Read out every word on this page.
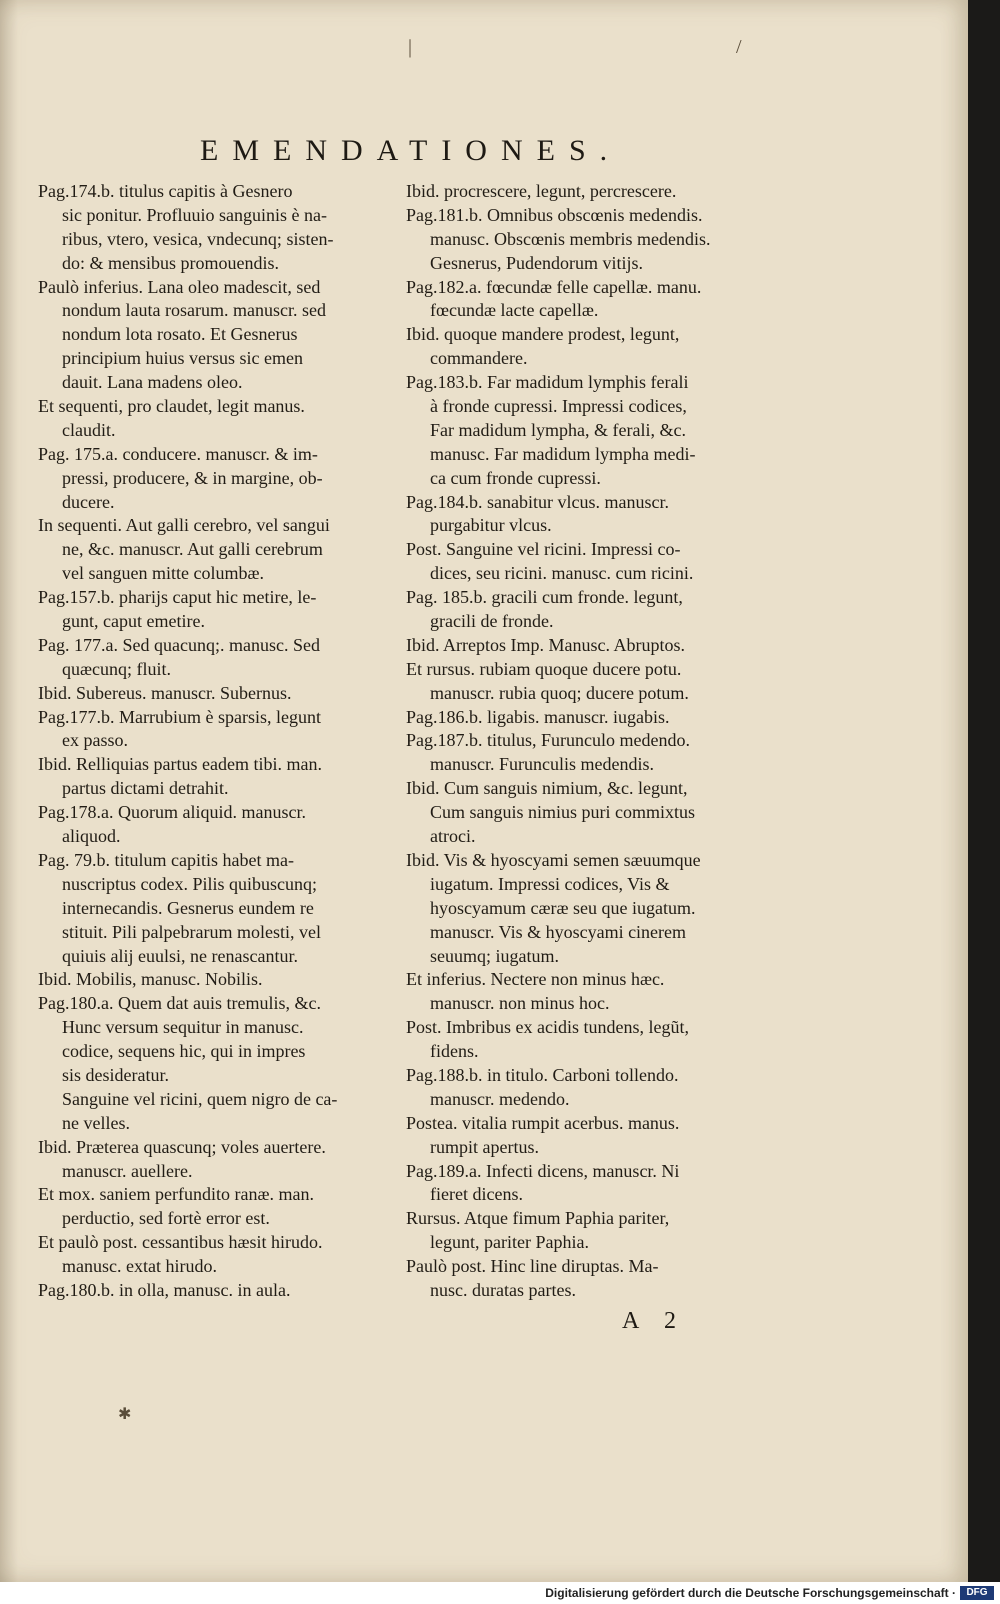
|	/
EMENDATIONES.
Pag.174.b. titulus capitis à Gesnero
sic ponitur. Profluuio sanguinis è na-
ribus, vtero, vesica, vndecunq; sisten-
do: & mensibus promouendis.
Paulò inferius. Lana oleo madescit, sed
nondum lauta rosarum. manuscr. sed
nondum lota rosato. Et Gesnerus
principium huius versus sic emen
dauit. Lana madens oleo.
Et sequenti, pro claudet, legit manus.
claudit.
Pag. 175.a. conducere. manuscr. & im-
pressi, producere, & in margine, ob-
ducere.
In sequenti. Aut galli cerebro, vel sangui
ne, &c. manuscr. Aut galli cerebrum
vel sanguen mitte columbæ.
Pag.157.b. pharijs caput hic metire, le-
gunt, caput emetire.
Pag. 177.a. Sed quacunq;. manusc. Sed
quæcunq; fluit.
Ibid. Subereus. manuscr. Subernus.
Pag.177.b. Marrubium è sparsis, legunt
ex passo.
Ibid. Relliquias partus eadem tibi. man.
partus dictami detrahit.
Pag.178.a. Quorum aliquid. manuscr.
aliquod.
Pag. 79.b. titulum capitis habet ma-
nuscriptus codex. Pilis quibuscunq;
internecandis. Gesnerus eundem re
stituit. Pili palpebrarum molesti, vel
quiuis alij euulsi, ne renascantur.
Ibid. Mobilis, manusc. Nobilis.
Pag.180.a. Quem dat auis tremulis, &c.
Hunc versum sequitur in manusc.
codice, sequens hic, qui in impres
sis desideratur.
Sanguine vel ricini, quem nigro de ca-
ne velles.
Ibid. Præterea quascunq; voles auertere.
manuscr. auellere.
Et mox. saniem perfundito ranæ. man.
perductio, sed fortè error est.
Et paulò post. cessantibus hæsit hirudo.
manusc. extat hirudo.
Pag.180.b. in olla, manusc. in aula.
Ibid. procrescere, legunt, percrescere.
Pag.181.b. Omnibus obscœnis medendis.
manusc. Obscœnis membris medendis.
Gesnerus, Pudendorum vitijs.
Pag.182.a. fœcundæ felle capellæ. manu.
fœcundæ lacte capellæ.
Ibid. quoque mandere prodest, legunt,
commandere.
Pag.183.b. Far madidum lymphis ferali
à fronde cupressi. Impressi codices,
Far madidum lympha, & ferali, &c.
manusc. Far madidum lympha medi-
ca cum fronde cupressi.
Pag.184.b. sanabitur vlcus. manuscr.
purgabitur vlcus.
Post. Sanguine vel ricini. Impressi co-
dices, seu ricini. manusc. cum ricini.
Pag. 185.b. gracili cum fronde. legunt,
gracili de fronde.
Ibid. Arreptos Imp. Manusc. Abruptos.
Et rursus. rubiam quoque ducere potu.
manuscr. rubia quoq; ducere potum.
Pag.186.b. ligabis. manuscr. iugabis.
Pag.187.b. titulus, Furunculo medendo.
manuscr. Furunculis medendis.
Ibid. Cum sanguis nimium, &c. legunt,
Cum sanguis nimius puri commixtus
atroci.
Ibid. Vis & hyoscyami semen sæuumque
iugatum. Impressi codices, Vis &
hyoscyamum cæræ seu que iugatum.
manuscr. Vis & hyoscyami cinerem
seuumq; iugatum.
Et inferius. Nectere non minus hæc.
manuscr. non minus hoc.
Post. Imbribus ex acidis tundens, legũt,
fidens.
Pag.188.b. in titulo. Carboni tollendo.
manuscr. medendo.
Postea. vitalia rumpit acerbus. manus.
rumpit apertus.
Pag.189.a. Infecti dicens, manuscr. Ni
fieret dicens.
Rursus. Atque fimum Paphia pariter,
legunt, pariter Paphia.
Paulò post. Hinc line diruptas. Ma-
nusc. duratas partes.
A 2
✱
Digitalisierung gefördert durch die Deutsche Forschungsgemeinschaft ·	DFG
